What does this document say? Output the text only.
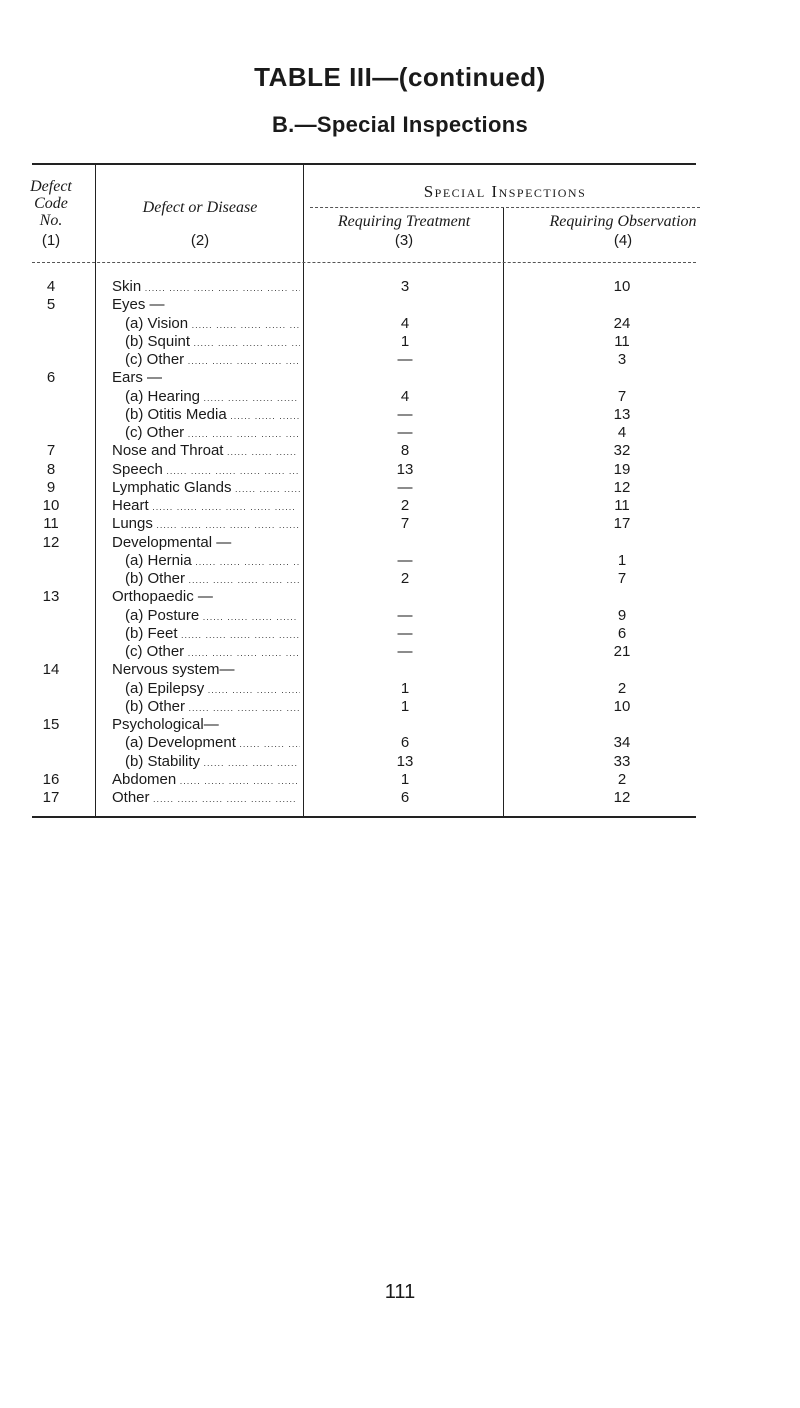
TABLE III—(continued)
B.—Special Inspections
Defect
Code
No.
(1)
Defect or Disease
(2)
Special Inspections
Requiring Treatment
(3)
Requiring Observation
(4)
4	Skin .....	3	10
5	Eyes —
(a) Vision .....	4	24
(b) Squint .....	1	11
(c) Other .....	—	3
6	Ears —
(a) Hearing .....	4	7
(b) Otitis Media .....	—	13
(c) Other .....	—	4
7	Nose and Throat .....	8	32
8	Speech .....	13	19
9	Lymphatic Glands .....	—	12
10	Heart .....	2	11
11	Lungs .....	7	17
12	Developmental —
(a) Hernia .....	—	1
(b) Other .....	2	7
13	Orthopaedic —
(a) Posture .....	—	9
(b) Feet .....	—	6
(c) Other .....	—	21
14	Nervous system—
(a) Epilepsy .....	1	2
(b) Other .....	1	10
15	Psychological—
(a) Development .....	6	34
(b) Stability .....	13	33
16	Abdomen .....	1	2
17	Other .....	6	12
111
